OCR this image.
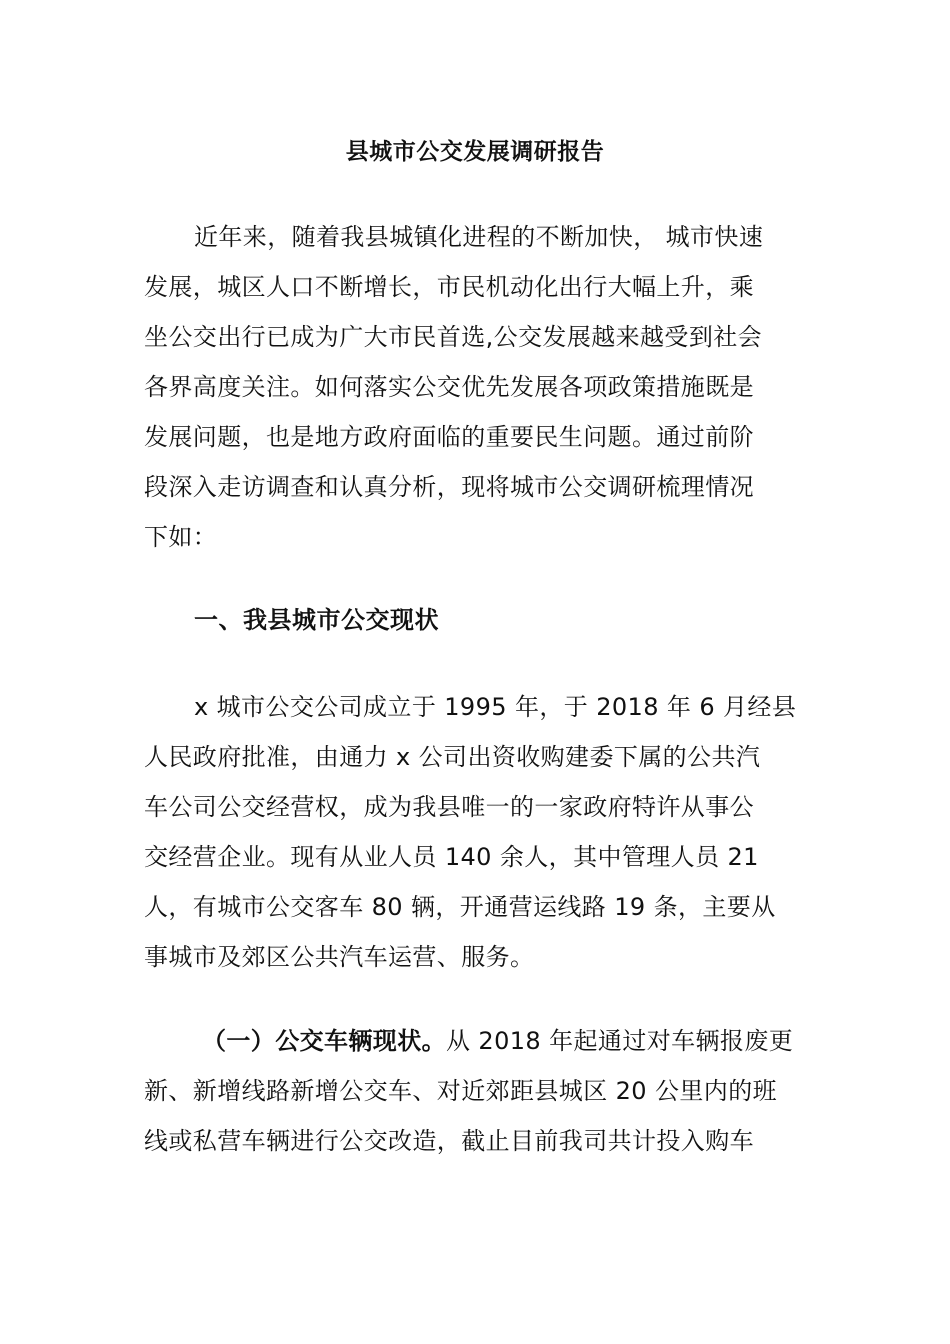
县城市公交发展调研报告

近年来，随着我县城镇化进程的不断加快， 城市快速
发展，城区人口不断增长，市民机动化出行大幅上升，乘
坐公交出行已成为广大市民首选,公交发展越来越受到社会
各界高度关注。如何落实公交优先发展各项政策措施既是
发展问题，也是地方政府面临的重要民生问题。通过前阶
段深入走访调查和认真分析，现将城市公交调研梳理情况
下如：

一、我县城市公交现状

x 城市公交公司成立于 1995 年，于 2018 年 6 月经县
人民政府批准，由通力 x 公司出资收购建委下属的公共汽
车公司公交经营权，成为我县唯一的一家政府特许从事公
交经营企业。现有从业人员 140 余人，其中管理人员 21
人，有城市公交客车 80 辆，开通营运线路 19 条，主要从
事城市及郊区公共汽车运营、服务。

（一）公交车辆现状。从 2018 年起通过对车辆报废更
新、新增线路新增公交车、对近郊距县城区 20 公里内的班
线或私营车辆进行公交改造，截止目前我司共计投入购车
